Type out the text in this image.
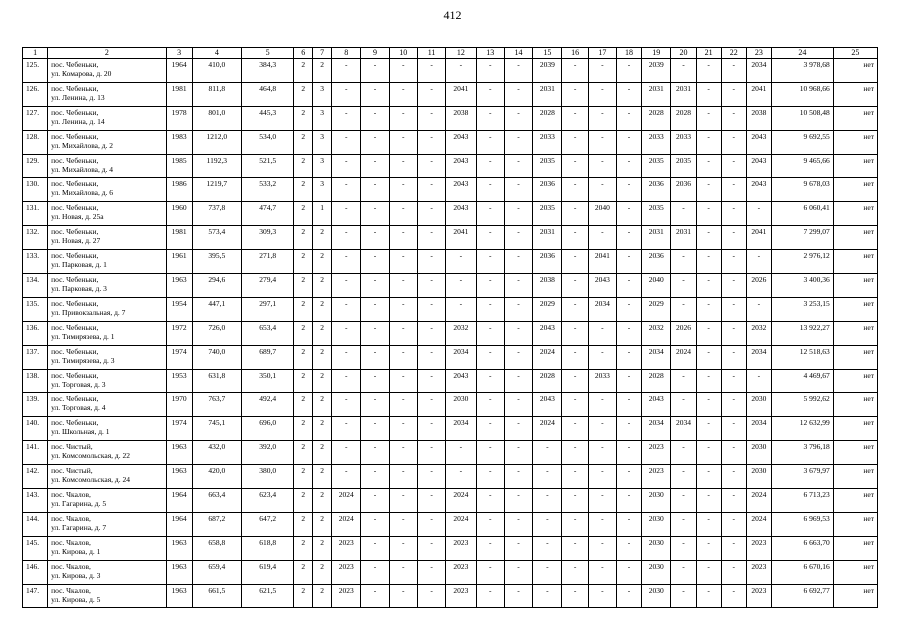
412
1	2	3	4	5	6	7	8	9	10	11	12	13	14	15	16	17	18	19	20	21	22	23	24	25
125.	пос. Чебеньки,
ул. Комарова, д. 20	1964	410,0	384,3	2	2	-	-	-	-	-	-	-	2039	-	-	-	2039	-	-	-	2034	3 978,68	нет
126.	пос. Чебеньки,
ул. Ленина, д. 13	1981	811,8	464,8	2	3	-	-	-	-	2041	-	-	2031	-	-	-	2031	2031	-	-	2041	10 968,66	нет
127.	пос. Чебеньки,
ул. Ленина, д. 14	1978	801,0	445,3	2	3	-	-	-	-	2038	-	-	2028	-	-	-	2028	2028	-	-	2038	10 508,48	нет
128.	пос. Чебеньки,
ул. Михайлова, д. 2	1983	1212,0	534,0	2	3	-	-	-	-	2043	-	-	2033	-	-	-	2033	2033	-	-	2043	9 692,55	нет
129.	пос. Чебеньки,
ул. Михайлова, д. 4	1985	1192,3	521,5	2	3	-	-	-	-	2043	-	-	2035	-	-	-	2035	2035	-	-	2043	9 465,66	нет
130.	пос. Чебеньки,
ул. Михайлова, д. 6	1986	1219,7	533,2	2	3	-	-	-	-	2043	-	-	2036	-	-	-	2036	2036	-	-	2043	9 678,03	нет
131.	пос. Чебеньки,
ул. Новая, д. 25а	1960	737,8	474,7	2	1	-	-	-	-	2043	-	-	2035	-	2040	-	2035	-	-	-	-	6 060,41	нет
132.	пос. Чебеньки,
ул. Новая, д. 27	1981	573,4	309,3	2	2	-	-	-	-	2041	-	-	2031	-	-	-	2031	2031	-	-	2041	7 299,07	нет
133.	пос. Чебеньки,
ул. Парковая, д. 1	1961	395,5	271,8	2	2	-	-	-	-	-	-	-	2036	-	2041	-	2036	-	-	-	-	2 976,12	нет
134.	пос. Чебеньки,
ул. Парковая, д. 3	1963	294,6	279,4	2	2	-	-	-	-	-	-	-	2038	-	2043	-	2040	-	-	-	2026	3 400,36	нет
135.	пос. Чебеньки,
ул. Привокзальная, д. 7	1954	447,1	297,1	2	2	-	-	-	-	-	-	-	2029	-	2034	-	2029	-	-	-	-	3 253,15	нет
136.	пос. Чебеньки,
ул. Тимирязева, д. 1	1972	726,0	653,4	2	2	-	-	-	-	2032	-	-	2043	-	-	-	2032	2026	-	-	2032	13 922,27	нет
137.	пос. Чебеньки,
ул. Тимирязева, д. 3	1974	740,0	689,7	2	2	-	-	-	-	2034	-	-	2024	-	-	-	2034	2024	-	-	2034	12 518,63	нет
138.	пос. Чебеньки,
ул. Торговая, д. 3	1953	631,8	350,1	2	2	-	-	-	-	2043	-	-	2028	-	2033	-	2028	-	-	-	-	4 469,67	нет
139.	пос. Чебеньки,
ул. Торговая, д. 4	1970	763,7	492,4	2	2	-	-	-	-	2030	-	-	2043	-	-	-	2043	-	-	-	2030	5 992,62	нет
140.	пос. Чебеньки,
ул. Школьная, д. 1	1974	745,1	696,0	2	2	-	-	-	-	2034	-	-	2024	-	-	-	2034	2034	-	-	2034	12 632,99	нет
141.	пос. Чистый,
ул. Комсомольская, д. 22	1963	432,0	392,0	2	2	-	-	-	-	-	-	-	-	-	-	-	2023	-	-	-	2030	3 796,18	нет
142.	пос. Чистый,
ул. Комсомольская, д. 24	1963	420,0	380,0	2	2	-	-	-	-	-	-	-	-	-	-	-	2023	-	-	-	2030	3 679,97	нет
143.	пос. Чкалов,
ул. Гагарина, д. 5	1964	663,4	623,4	2	2	2024	-	-	-	2024	-	-	-	-	-	-	2030	-	-	-	2024	6 713,23	нет
144.	пос. Чкалов,
ул. Гагарина, д. 7	1964	687,2	647,2	2	2	2024	-	-	-	2024	-	-	-	-	-	-	2030	-	-	-	2024	6 969,53	нет
145.	пос. Чкалов,
ул. Кирова, д. 1	1963	658,8	618,8	2	2	2023	-	-	-	2023	-	-	-	-	-	-	2030	-	-	-	2023	6 663,70	нет
146.	пос. Чкалов,
ул. Кирова, д. 3	1963	659,4	619,4	2	2	2023	-	-	-	2023	-	-	-	-	-	-	2030	-	-	-	2023	6 670,16	нет
147.	пос. Чкалов,
ул. Кирова, д. 5	1963	661,5	621,5	2	2	2023	-	-	-	2023	-	-	-	-	-	-	2030	-	-	-	2023	6 692,77	нет
